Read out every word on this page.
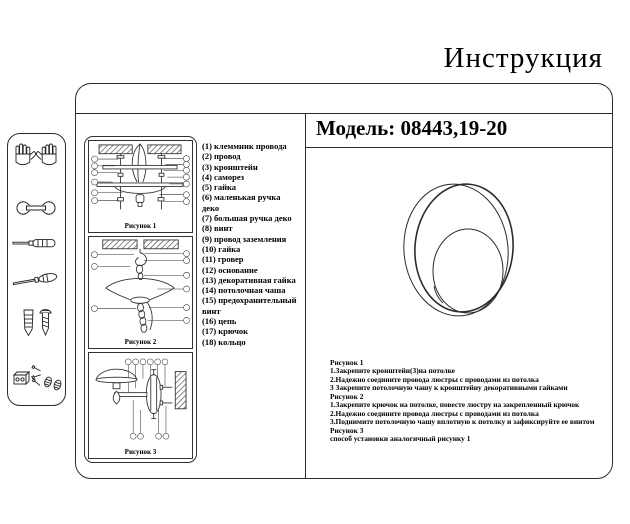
Инструкция
Модель: 08443,19-20
Рисунок 1
Рисунок 2
Рисунок 3
(1) клеммник провода
(2) провод
(3) кронштейн
(4) саморез
(5) гайка
(6) маленькая ручка деко
(7) большая ручка деко
(8) винт
(9) провод заземления
(10) гайка
(11) гровер
(12) основание
(13) декоративная гайка
(14) потолочная чаша
(15) предохранительный винт
(16) цепь
(17) крючок
(18) кольцо
Рисунок 1
1.Закрепите кронштейн(3)на потолке
2.Надежно соедините провода люстры с проводами из потолка
3 Закрепите потолочную чашу к кронштейну декоративными гайками
Рисунок 2
1.Закрепите крючок на потолке, повесте люстру на закрепленный крючок
2.Надежно соедините провода люстры с проводами из потолка
3.Поднимите потолочную чашу вплотную к потолку и зафиксируйте ее винтом
Рисунок 3
способ установки аналогичный рисунку 1
